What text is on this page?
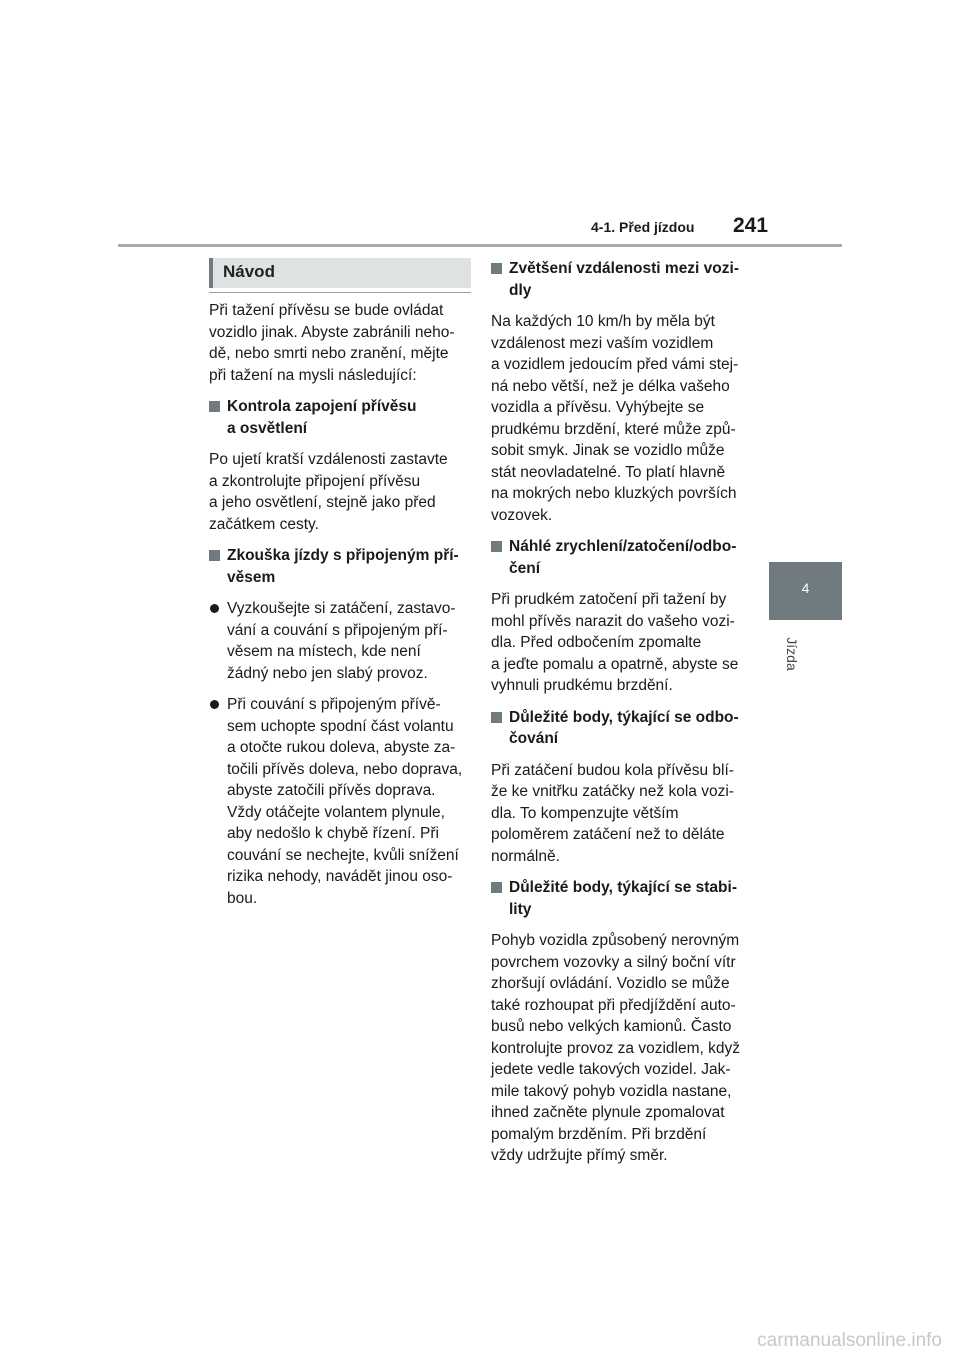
4-1. Před jízdou 241
4
Jízda
Návod

Při tažení přívěsu se bude ovládat
vozidlo jinak. Abyste zabránili neho-
dě, nebo smrti nebo zranění, mějte
při tažení na mysli následující:

Kontrola zapojení přívěsu
a osvětlení

Po ujetí kratší vzdálenosti zastavte
a zkontrolujte připojení přívěsu
a jeho osvětlení, stejně jako před
začátkem cesty.

Zkouška jízdy s připojeným pří-
věsem
Vyzkoušejte si zatáčení, zastavo-
vání a couvání s připojeným pří-
věsem na místech, kde není
žádný nebo jen slabý provoz.
Při couvání s připojeným přívě-
sem uchopte spodní část volantu
a otočte rukou doleva, abyste za-
točili přívěs doleva, nebo doprava,
abyste zatočili přívěs doprava.
Vždy otáčejte volantem plynule,
aby nedošlo k chybě řízení. Při
couvání se nechejte, kvůli snížení
rizika nehody, navádět jinou oso-
bou.
Zvětšení vzdálenosti mezi vozi-
dly

Na každých 10 km/h by měla být
vzdálenost mezi vaším vozidlem
a vozidlem jedoucím před vámi stej-
ná nebo větší, než je délka vašeho
vozidla a přívěsu. Vyhýbejte se
prudkému brzdění, které může způ-
sobit smyk. Jinak se vozidlo může
stát neovladatelné. To platí hlavně
na mokrých nebo kluzkých površích
vozovek.

Náhlé zrychlení/zatočení/odbo-
čení

Při prudkém zatočení při tažení by
mohl přívěs narazit do vašeho vozi-
dla. Před odbočením zpomalte
a jeďte pomalu a opatrně, abyste se
vyhnuli prudkému brzdění.

Důležité body, týkající se odbo-
čování

Při zatáčení budou kola přívěsu blí-
že ke vnitřku zatáčky než kola vozi-
dla. To kompenzujte větším
poloměrem zatáčení než to děláte
normálně.

Důležité body, týkající se stabi-
lity

Pohyb vozidla způsobený nerovným
povrchem vozovky a silný boční vítr
zhoršují ovládání. Vozidlo se může
také rozhoupat při předjíždění auto-
busů nebo velkých kamionů. Často
kontrolujte provoz za vozidlem, když
jedete vedle takových vozidel. Jak-
mile takový pohyb vozidla nastane,
ihned začněte plynule zpomalovat
pomalým brzděním. Při brzdění
vždy udržujte přímý směr.

carmanualsonline.info
